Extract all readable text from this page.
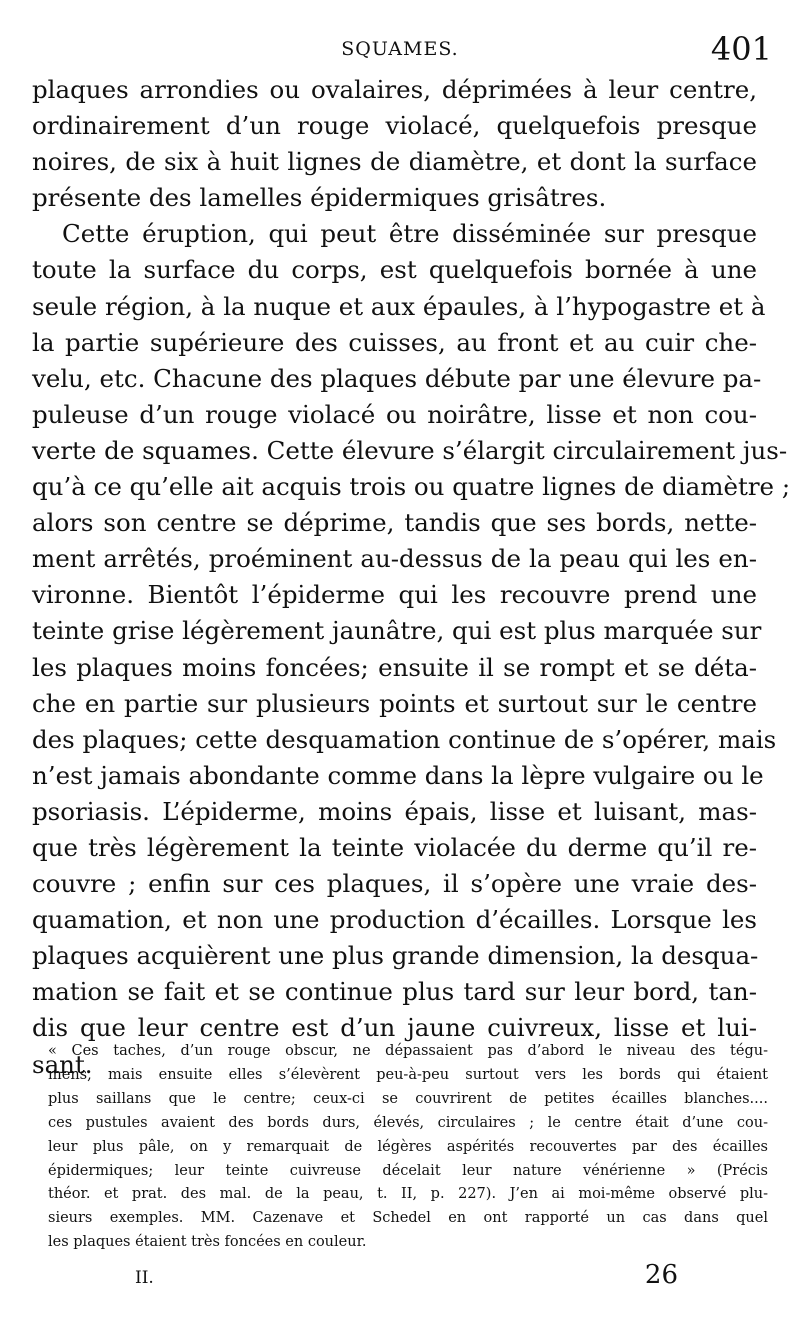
SQUAMES.	401
plaques arrondies ou ovalaires, déprimées à leur centre,
ordinairement d’un rouge violacé, quelquefois presque
noires, de six à huit lignes de diamètre, et dont la surface
présente des lamelles épidermiques grisâtres.
Cette éruption, qui peut être disséminée sur presque
toute la surface du corps, est quelquefois bornée à une
seule région, à la nuque et aux épaules, à l’hypogastre et à
la partie supérieure des cuisses, au front et au cuir che-
velu, etc. Chacune des plaques débute par une élevure pa-
puleuse d’un rouge violacé ou noirâtre, lisse et non cou-
verte de squames. Cette élevure s’élargit circulairement jus-
qu’à ce qu’elle ait acquis trois ou quatre lignes de diamètre ;
alors son centre se déprime, tandis que ses bords, nette-
ment arrêtés, proéminent au-dessus de la peau qui les en-
vironne. Bientôt l’épiderme qui les recouvre prend une
teinte grise légèrement jaunâtre, qui est plus marquée sur
les plaques moins foncées; ensuite il se rompt et se déta-
che en partie sur plusieurs points et surtout sur le centre
des plaques; cette desquamation continue de s’opérer, mais
n’est jamais abondante comme dans la lèpre vulgaire ou le
psoriasis. L’épiderme, moins épais, lisse et luisant, mas-
que très légèrement la teinte violacée du derme qu’il re-
couvre ; enfin sur ces plaques, il s’opère une vraie des-
quamation, et non une production d’écailles. Lorsque les
plaques acquièrent une plus grande dimension, la desqua-
mation se fait et se continue plus tard sur leur bord, tan-
dis que leur centre est d’un jaune cuivreux, lisse et lui-
sant.
« Ces taches, d’un rouge obscur, ne dépassaient pas d’abord le niveau des tégu-
mens, mais ensuite elles s’élevèrent peu-à-peu surtout vers les bords qui étaient
plus saillans que le centre; ceux-ci se couvrirent de petites écailles blanches....
ces pustules avaient des bords durs, élevés, circulaires ; le centre était d’une cou-
leur plus pâle, on y remarquait de légères aspérités recouvertes par des écailles
épidermiques; leur teinte cuivreuse décelait leur nature vénérienne » (Précis
théor. et prat. des mal. de la peau, t. II, p. 227). J’en ai moi-même observé plu-
sieurs exemples. MM. Cazenave et Schedel en ont rapporté un cas dans quel
les plaques étaient très foncées en couleur.
II.	26
